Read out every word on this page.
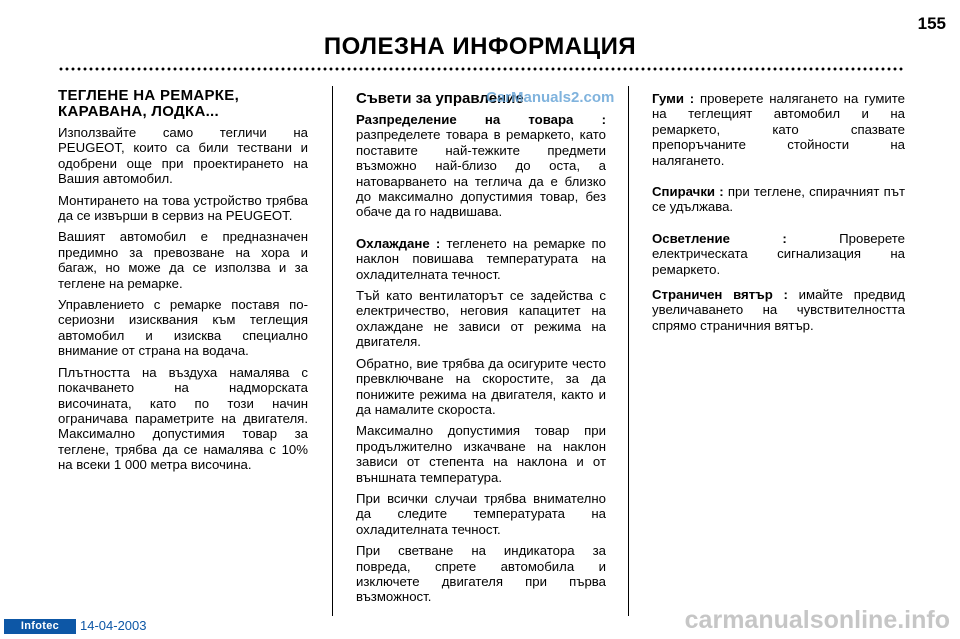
155
ПОЛЕЗНА ИНФОРМАЦИЯ
ТЕГЛЕНЕ НА РЕМАРКЕ, КАРАВАНА, ЛОДКА...

Използвайте само тегличи на PEUGEOT, които са били тествани и одобрени още при проектирането на Вашия автомобил.

Монтирането на това устройство трябва да се извърши в сервиз на PEUGEOT.

Вашият автомобил е предназначен предимно за превозване на хора и багаж, но може да се използва и за теглене на ремарке.

Управлението с ремарке поставя по-сериозни изисквания към теглещия автомобил и изисква специално внимание от страна на водача.

Плътността на въздуха намалява с покачването на надморската височината, като по този начин ограничава параметрите на двигателя. Максимално допустимия товар за теглене, трябва да се намалява с 10% на всеки 1 000 метра височина.

Съвети за управление

Разпределение на товара : разпределете товара в ремаркето, като поставите най-тежките предмети възможно най-близо до оста, а натоварването на теглича да е близко до максимално допустимия товар, без обаче да го надвишава.

Охлаждане : тегленето на ремарке по наклон повишава температурата на охладителната течност.

Тъй като вентилаторът се задейства с електричество, неговия капацитет на охлаждане не зависи от режима на двигателя.

Обратно, вие трябва да осигурите често превключване на скоростите, за да понижите режима на двигателя, както и да намалите скороста.

Максимално допустимия товар при продължително изкачване на наклон зависи от степента на наклона и от външната температура.

При всички случаи трябва внимателно да следите температурата на охладителната течност.

При светване на индикатора за повреда, спрете автомобила и изключете двигателя при първа възможност.

Гуми : проверете налягането на гумите на теглещият автомобил и на ремаркето, като спазвате препоръчаните стойности на налягането.

Спирачки : при теглене, спирачният път се удължава.

Осветление : Проверете електрическата сигнализация на ремаркето.

Страничен вятър : имайте предвид увеличаването на чувствителността спрямо страничния вятър.

CarManuals2.com
Infotec	14-04-2003	carmanualsonline.info
